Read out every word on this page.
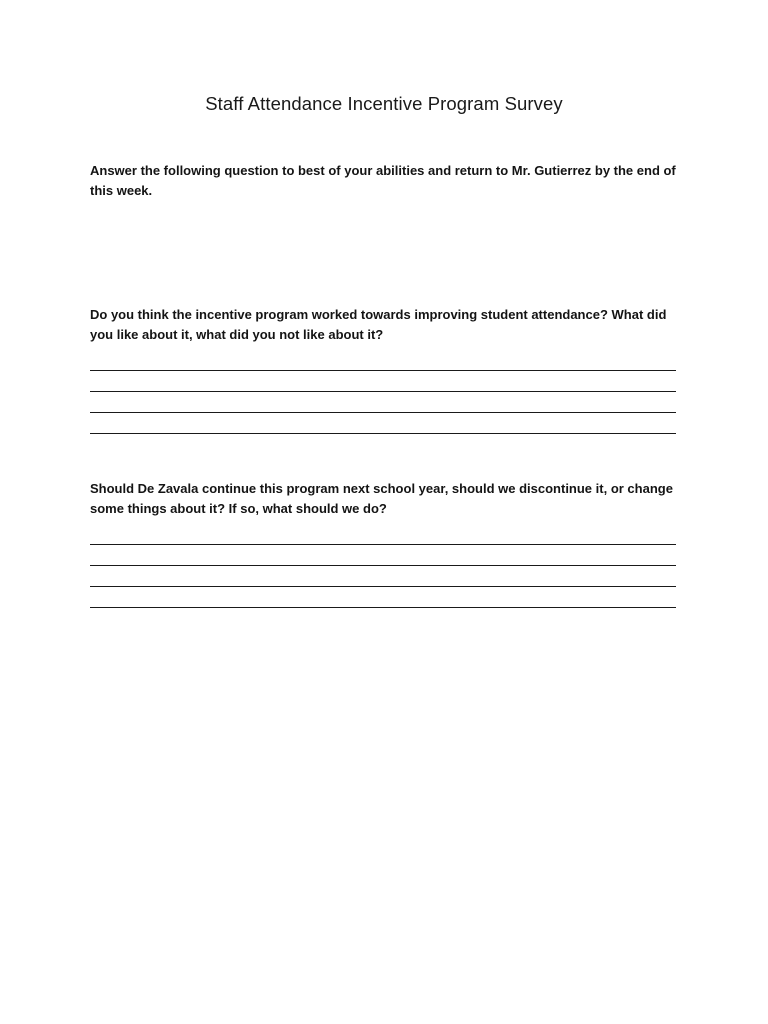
Staff Attendance Incentive Program Survey
Answer the following question to best of your abilities and return to Mr. Gutierrez by the end of this week.
Do you think the incentive program worked towards improving student attendance? What did you like about it, what did you not like about it?
Should De Zavala continue this program next school year, should we discontinue it, or change some things about it? If so, what should we do?
